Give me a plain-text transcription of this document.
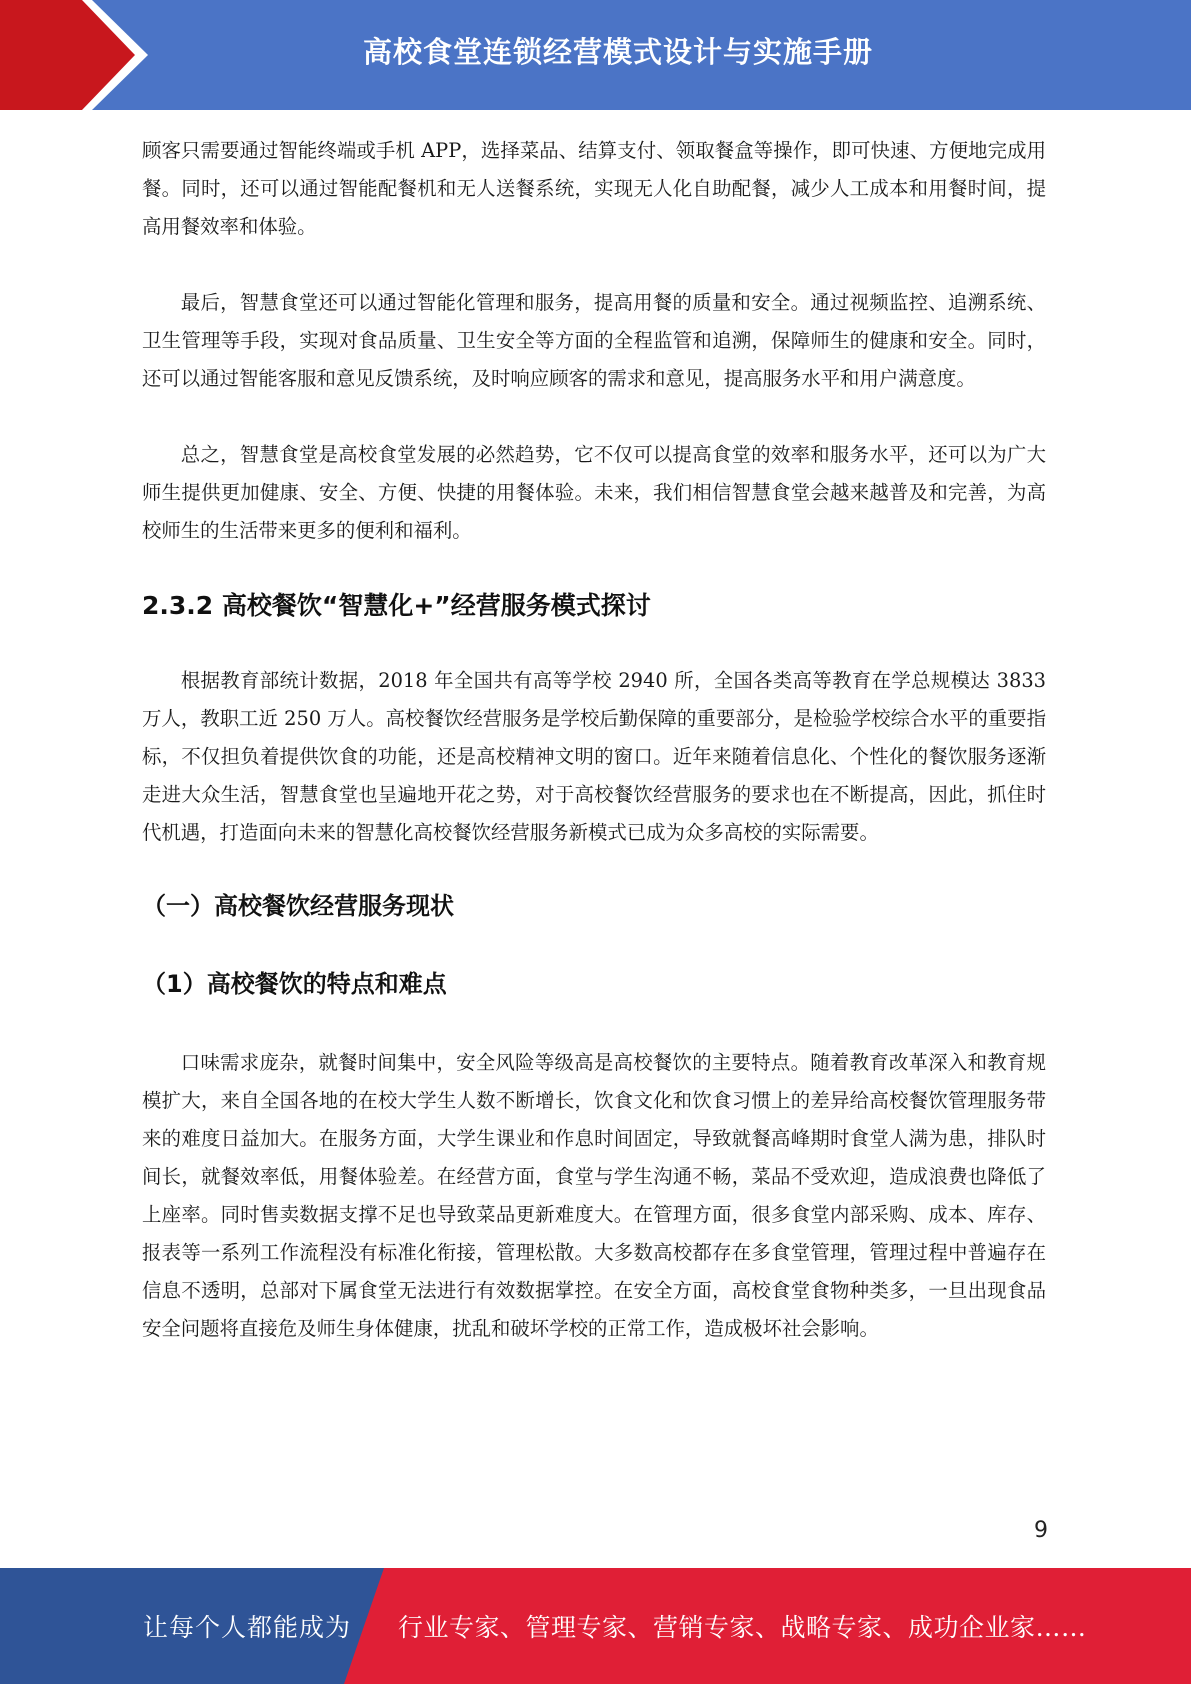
高校食堂连锁经营模式设计与实施手册

顾客只需要通过智能终端或手机 APP，选择菜品、结算支付、领取餐盒等操作，即可快速、方便地完成用餐。同时，还可以通过智能配餐机和无人送餐系统，实现无人化自助配餐，减少人工成本和用餐时间，提高用餐效率和体验。

最后，智慧食堂还可以通过智能化管理和服务，提高用餐的质量和安全。通过视频监控、追溯系统、卫生管理等手段，实现对食品质量、卫生安全等方面的全程监管和追溯，保障师生的健康和安全。同时，还可以通过智能客服和意见反馈系统，及时响应顾客的需求和意见，提高服务水平和用户满意度。

总之，智慧食堂是高校食堂发展的必然趋势，它不仅可以提高食堂的效率和服务水平，还可以为广大师生提供更加健康、安全、方便、快捷的用餐体验。未来，我们相信智慧食堂会越来越普及和完善，为高校师生的生活带来更多的便利和福利。

2.3.2 高校餐饮“智慧化+”经营服务模式探讨

根据教育部统计数据，2018 年全国共有高等学校 2940 所，全国各类高等教育在学总规模达 3833 万人，教职工近 250 万人。高校餐饮经营服务是学校后勤保障的重要部分，是检验学校综合水平的重要指标，不仅担负着提供饮食的功能，还是高校精神文明的窗口。近年来随着信息化、个性化的餐饮服务逐渐走进大众生活，智慧食堂也呈遍地开花之势，对于高校餐饮经营服务的要求也在不断提高，因此，抓住时代机遇，打造面向未来的智慧化高校餐饮经营服务新模式已成为众多高校的实际需要。

（一）高校餐饮经营服务现状
（1）高校餐饮的特点和难点

口味需求庞杂，就餐时间集中，安全风险等级高是高校餐饮的主要特点。随着教育改革深入和教育规模扩大，来自全国各地的在校大学生人数不断增长，饮食文化和饮食习惯上的差异给高校餐饮管理服务带来的难度日益加大。在服务方面，大学生课业和作息时间固定，导致就餐高峰期时食堂人满为患，排队时间长，就餐效率低，用餐体验差。在经营方面，食堂与学生沟通不畅，菜品不受欢迎，造成浪费也降低了上座率。同时售卖数据支撑不足也导致菜品更新难度大。在管理方面，很多食堂内部采购、成本、库存、报表等一系列工作流程没有标准化衔接，管理松散。大多数高校都存在多食堂管理，管理过程中普遍存在信息不透明，总部对下属食堂无法进行有效数据掌控。在安全方面，高校食堂食物种类多，一旦出现食品安全问题将直接危及师生身体健康，扰乱和破坏学校的正常工作，造成极坏社会影响。

9
让每个人都能成为 行业专家、管理专家、营销专家、战略专家、成功企业家……
